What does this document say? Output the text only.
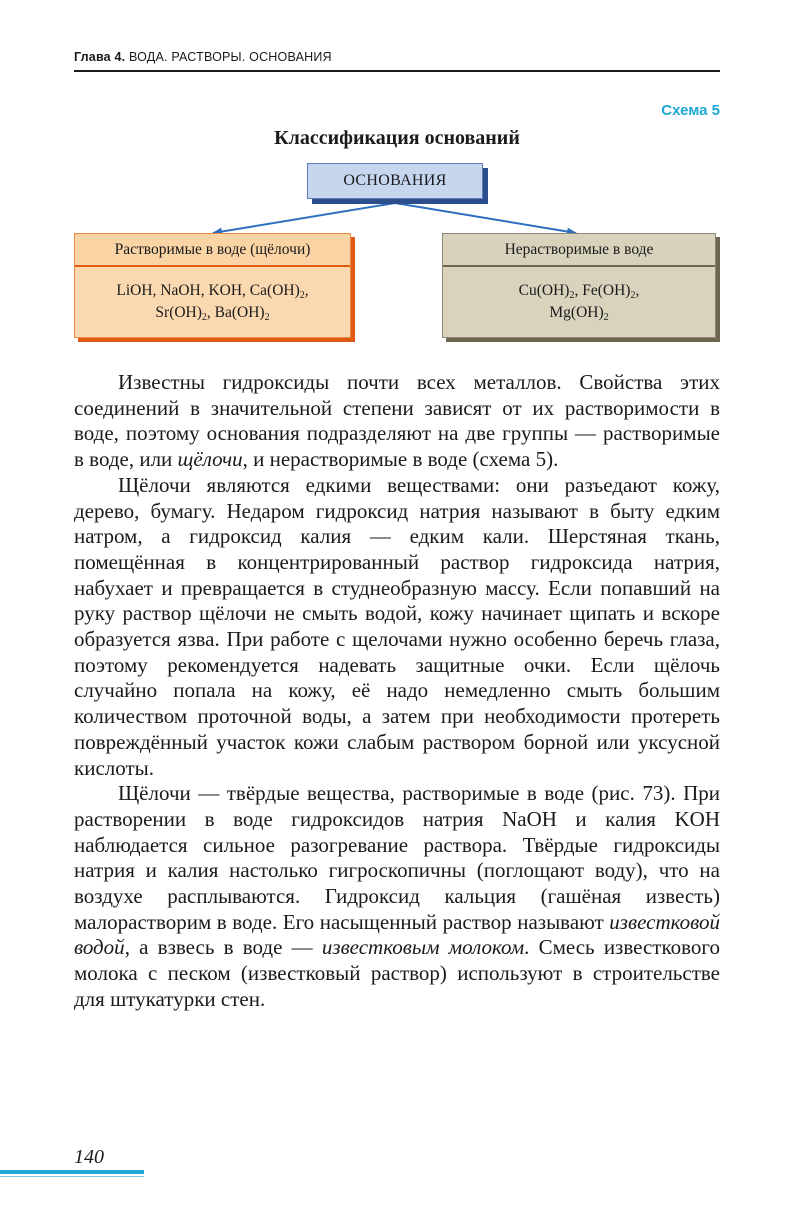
Глава 4. ВОДА. РАСТВОРЫ. ОСНОВАНИЯ
Схема 5
Классификация оснований
ОСНОВАНИЯ
Растворимые в воде (щёлочи)
LiOH, NaOH, KOH, $Ca(OH)_2$,
$Sr(OH)_2$, $Ba(OH)_2$
Нерастворимые в воде
$Cu(OH)_2$, $Fe(OH)_2$,
$Mg(OH)_2$

Известны гидроксиды почти всех металлов. Свойства этих соединений в значительной степени зависят от их растворимости в воде, поэтому основания подразделяют на две группы — растворимые в воде, или щёлочи, и нерастворимые в воде (схема 5).

Щёлочи являются едкими веществами: они разъедают кожу, дерево, бумагу. Недаром гидроксид натрия называют в быту едким натром, а гидроксид калия — едким кали. Шерстяная ткань, помещённая в концентрированный раствор гидроксида натрия, набухает и превращается в студнеобразную массу. Если попавший на руку раствор щёлочи не смыть водой, кожу начинает щипать и вскоре образуется язва. При работе с щелочами нужно особенно беречь глаза, поэтому рекомендуется надевать защитные очки. Если щёлочь случайно попала на кожу, её надо немедленно смыть большим количеством проточной воды, а затем при необходимости протереть повреждённый участок кожи слабым раствором борной или уксусной кислоты.

Щёлочи — твёрдые вещества, растворимые в воде (рис. 73). При растворении в воде гидроксидов натрия NaOH и калия KOH наблюдается сильное разогревание раствора. Твёрдые гидроксиды натрия и калия настолько гигроскопичны (поглощают воду), что на воздухе расплываются. Гидроксид кальция (гашёная известь) малорастворим в воде. Его насыщенный раствор называют известковой водой, а взвесь в воде — известковым молоком. Смесь известкового молока с песком (известковый раствор) используют в строительстве для штукатурки стен.

140
